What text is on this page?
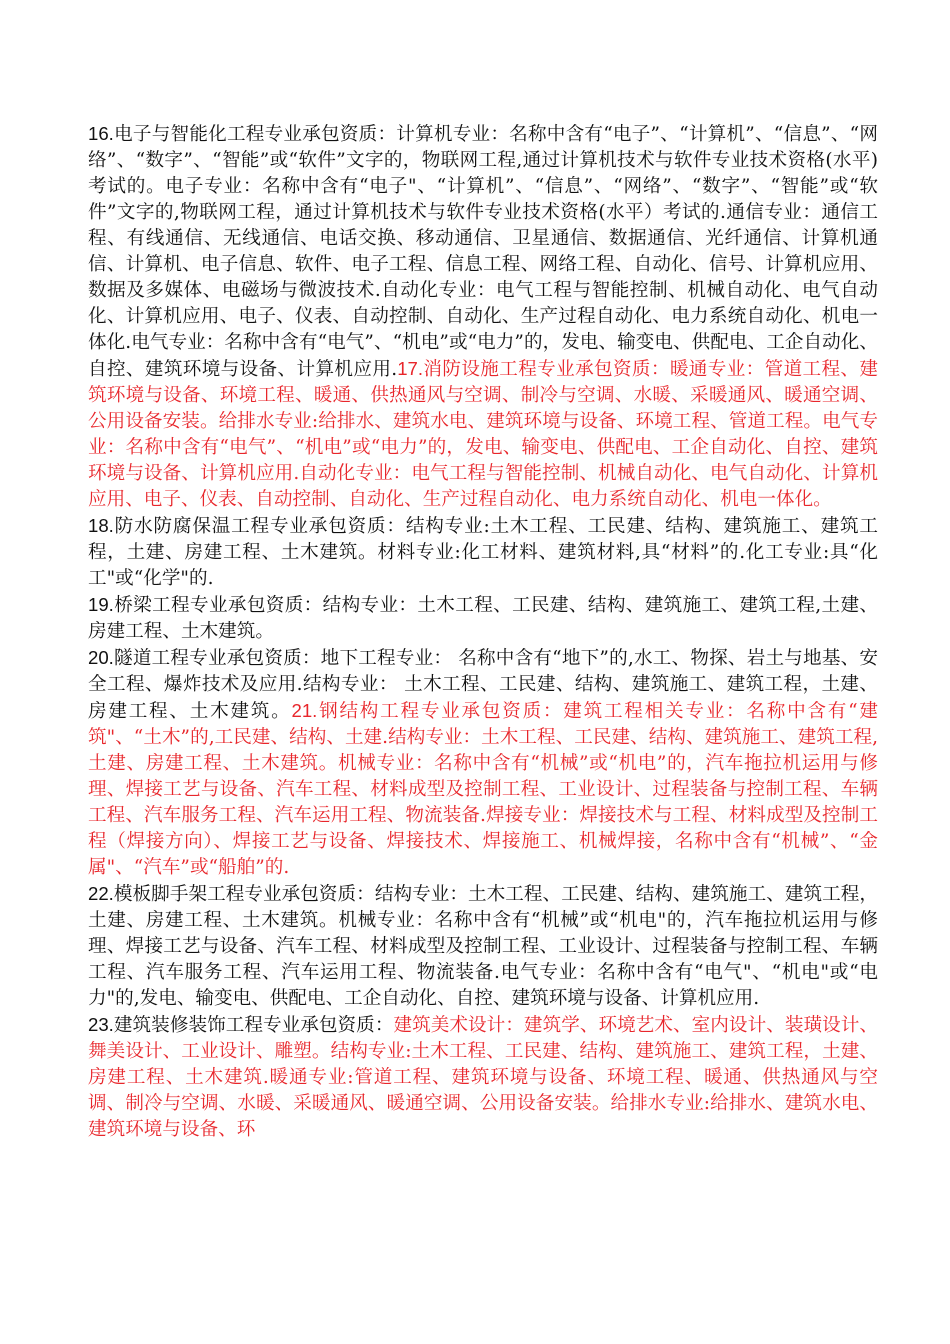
16.电子与智能化工程专业承包资质：计算机专业：名称中含有“电子”、“计算机”、“信息”、“网络”、“数字”、“智能”或“软件”文字的，物联网工程,通过计算机技术与软件专业技术资格(水平)考试的。电子专业：名称中含有“电子"、“计算机”、“信息”、“网络”、“数字”、“智能”或“软件”文字的,物联网工程，通过计算机技术与软件专业技术资格(水平）考试的.通信专业：通信工程、有线通信、无线通信、电话交换、移动通信、卫星通信、数据通信、光纤通信、计算机通信、计算机、电子信息、软件、电子工程、信息工程、网络工程、自动化、信号、计算机应用、数据及多媒体、电磁场与微波技术.自动化专业：电气工程与智能控制、机械自动化、电气自动化、计算机应用、电子、仪表、自动控制、自动化、生产过程自动化、电力系统自动化、机电一体化.电气专业：名称中含有“电气”、“机电”或“电力”的，发电、输变电、供配电、工企自动化、自控、建筑环境与设备、计算机应用.17.消防设施工程专业承包资质：暖通专业：管道工程、建筑环境与设备、环境工程、暖通、供热通风与空调、制冷与空调、水暖、采暖通风、暖通空调、公用设备安装。给排水专业:给排水、建筑水电、建筑环境与设备、环境工程、管道工程。电气专业：名称中含有“电气”、“机电”或“电力”的，发电、输变电、供配电、工企自动化、自控、建筑环境与设备、计算机应用.自动化专业：电气工程与智能控制、机械自动化、电气自动化、计算机应用、电子、仪表、自动控制、自动化、生产过程自动化、电力系统自动化、机电一体化。

18.防水防腐保温工程专业承包资质：结构专业:土木工程、工民建、结构、建筑施工、建筑工程，土建、房建工程、土木建筑。材料专业:化工材料、建筑材料,具“材料”的.化工专业:具“化工"或“化学"的.

19.桥梁工程专业承包资质：结构专业：土木工程、工民建、结构、建筑施工、建筑工程,土建、房建工程、土木建筑。

20.隧道工程专业承包资质：地下工程专业： 名称中含有“地下”的,水工、物探、岩土与地基、安全工程、爆炸技术及应用.结构专业： 土木工程、工民建、结构、建筑施工、建筑工程，土建、房建工程、土木建筑。21.钢结构工程专业承包资质：建筑工程相关专业：名称中含有“建筑"、“土木”的,工民建、结构、土建.结构专业：土木工程、工民建、结构、建筑施工、建筑工程,土建、房建工程、土木建筑。机械专业：名称中含有“机械”或“机电”的，汽车拖拉机运用与修理、焊接工艺与设备、汽车工程、材料成型及控制工程、工业设计、过程装备与控制工程、车辆工程、汽车服务工程、汽车运用工程、物流装备.焊接专业：焊接技术与工程、材料成型及控制工程（焊接方向）、焊接工艺与设备、焊接技术、焊接施工、机械焊接，名称中含有“机械”、“金属"、“汽车”或“船舶”的.

22.模板脚手架工程专业承包资质：结构专业：土木工程、工民建、结构、建筑施工、建筑工程，土建、房建工程、土木建筑。机械专业：名称中含有“机械”或“机电"的，汽车拖拉机运用与修理、焊接工艺与设备、汽车工程、材料成型及控制工程、工业设计、过程装备与控制工程、车辆工程、汽车服务工程、汽车运用工程、物流装备.电气专业：名称中含有“电气"、“机电"或“电力"的,发电、输变电、供配电、工企自动化、自控、建筑环境与设备、计算机应用.

23.建筑装修装饰工程专业承包资质：建筑美术设计：建筑学、环境艺术、室内设计、装璜设计、舞美设计、工业设计、雕塑。结构专业:土木工程、工民建、结构、建筑施工、建筑工程，土建、房建工程、土木建筑.暖通专业:管道工程、建筑环境与设备、环境工程、暖通、供热通风与空调、制冷与空调、水暖、采暖通风、暖通空调、公用设备安装。给排水专业:给排水、建筑水电、建筑环境与设备、环
